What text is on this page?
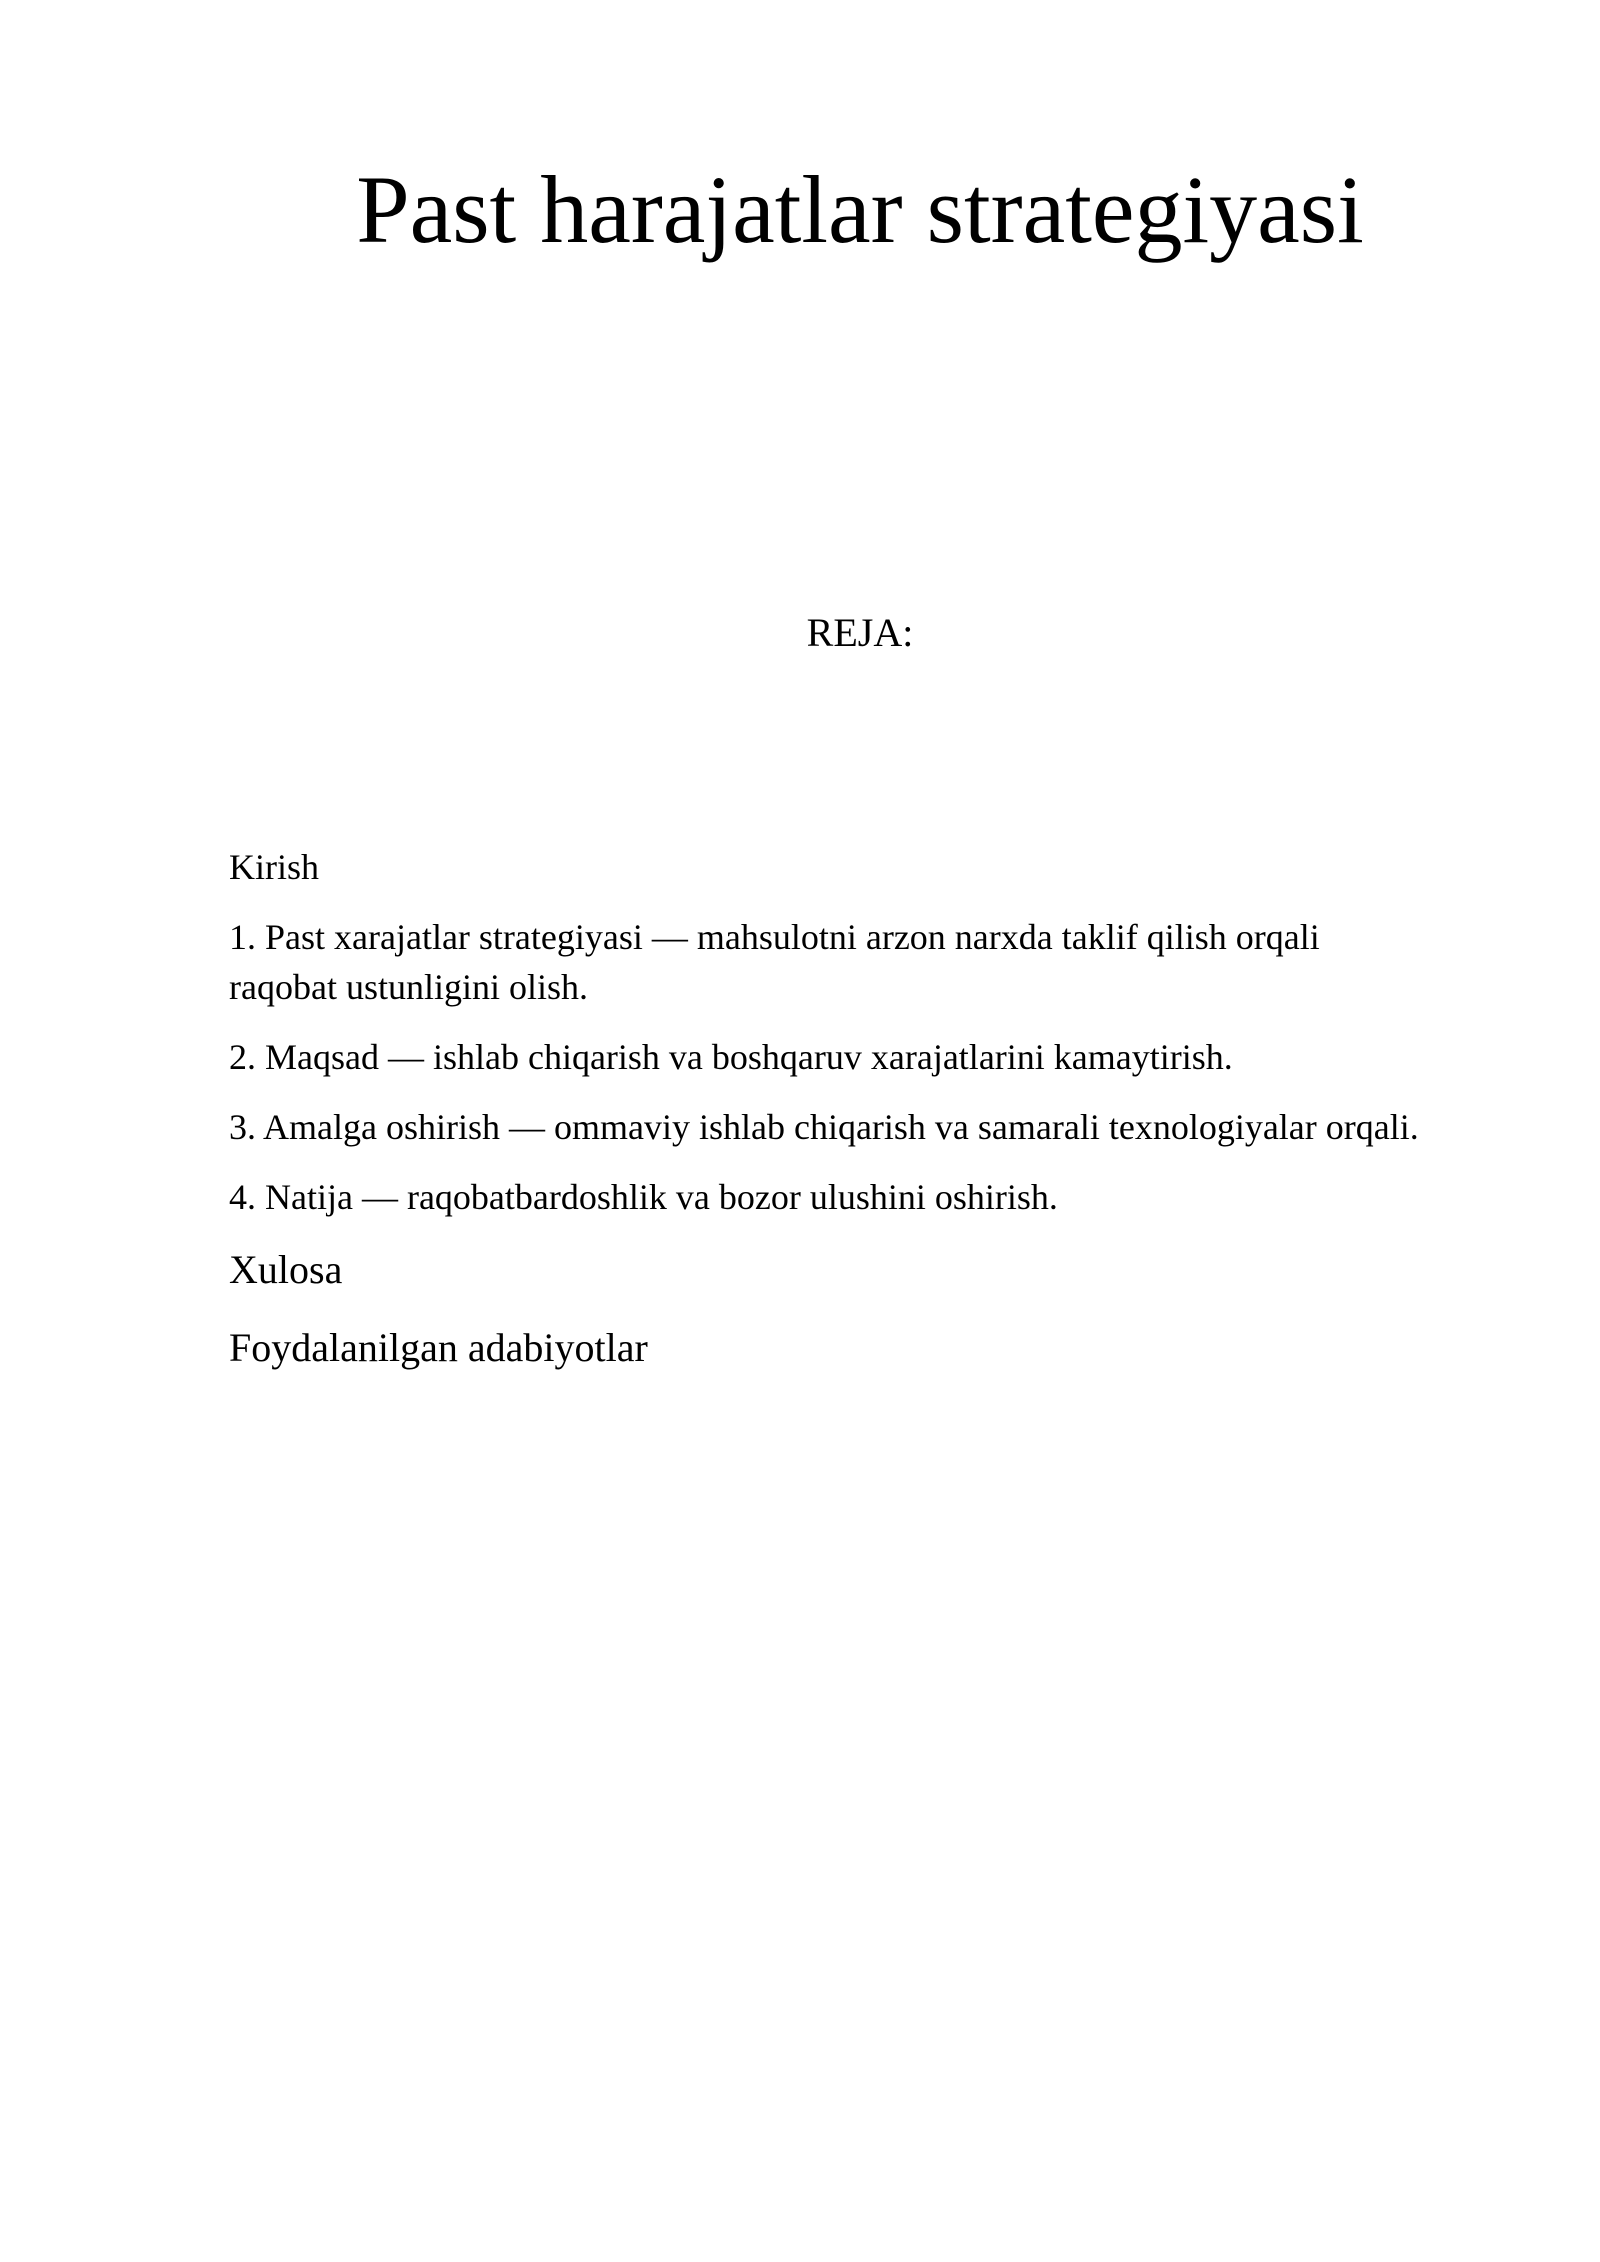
Past harajatlar strategiyasi
REJA:

Kirish

1. Past xarajatlar strategiyasi — mahsulotni arzon narxda taklif qilish orqali raqobat ustunligini olish.

2. Maqsad — ishlab chiqarish va boshqaruv xarajatlarini kamaytirish.

3. Amalga oshirish — ommaviy ishlab chiqarish va samarali texnologiyalar orqali.

4. Natija — raqobatbardoshlik va bozor ulushini oshirish.

Xulosa

Foydalanilgan adabiyotlar
